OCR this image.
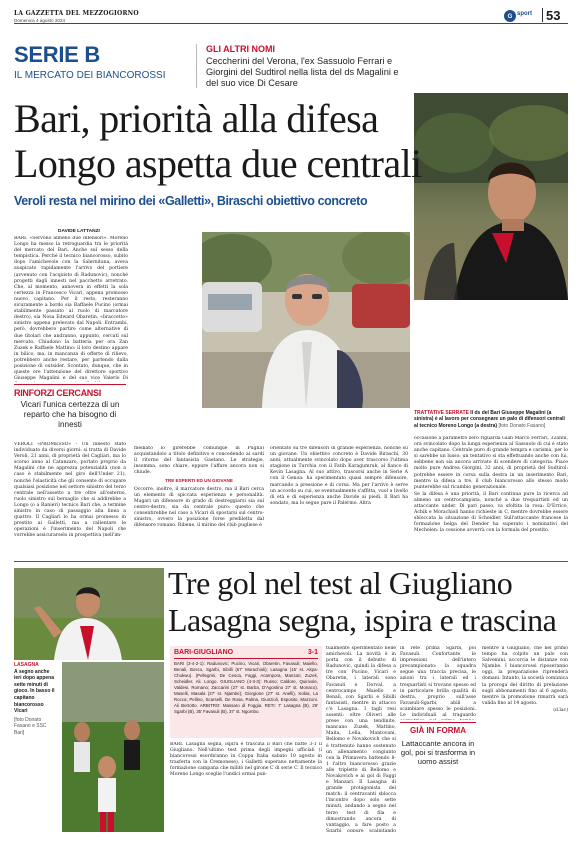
LA GAZZETTA DEL MEZZOGIORNO
Domenica 4 agosto 2024
G sport 53
SERIE B
IL MERCATO DEI BIANCOROSSI
GLI ALTRI NOMI
Ceccherini del Verona, l'ex Sassuolo Ferrari e Giorgini del Sudtirol nella lista del ds Magalini e del suo vice Di Cesare
Bari, priorità alla difesa
Longo aspetta due centrali
Veroli resta nel mirino dei «Galletti», Biraschi obiettivo concreto
DAVIDE LATTANZI

BARI. «Servono almeno due difensori». Moreno Longo ha messo la retroguardia tra le priorità del mercato del Bari. Anche sul sesso della tempistica. Perché il tecnico biancorosso, subito dopo l'amichevole con la Salernitana, aveva auspicato rapidamente l'arrivo del portiere (avvenuto con l'acquisto di Radunovic), nonché progetti dagli innesti nel pacchetto arretrato. Che, al momento, annovera in effetti la sola certezza in Francesco Vicari, appena promosso nuovo capitano. Per il resto, resteranno sicuramente a bordo sia Raffaele Pucino (ormai stabilmente passato al ruolo di marcatore destro), sia Nosa Edward Obaretin, «braccetto» sinistro appena prelevato dal Napoli. Entrambi, però, dovrebbero partire come alternative di due titolari che andranno, appunto, cercati sul mercato. Chiudono la batteria per ora Zan Zuzek e Raffaele Mattino: il loro destino appare in bilico, ma, in mancanza di offerte di rilievo, potrebbero anche restare, per partendo dalla posizione di outsider. Scontato, dunque, che in queste ore l'attenzione del direttore sportivo Giuseppe Magalini e del suo vice Valerio Di

RINFORZI CERCANSI
Vicari l'unica certezza di un reparto che ha bisogno di innesti

VEROLI «PROMESSO» - Un innesto stato individuato da diversi giorni: si tratta di Davide Veroli, 21 anni, di proprietà del Cagliari, ma lo scorso anno al Catanzaro, portato proprio da Magalini che ne apprezza potenzialità (non a caso è stabilmente nel giro dell'Under 21), nonché l'elasticità che gli consente di occupare qualsiasi posizione nel settore sinistro del terzo centrale nell'assetto a tre oltre all'esterno, ruolo sinistro sul bersaglio che si addirebbe a Longo (o a Ranieri) tecnico Bari che, a termine sinistro in caso di passaggio alla linea a quattro. Il Cagliari lo ha ormai promesso in prestito ai Galletti, ma a rallentare le operazioni è l'inserimento del Napoli che vorrebbe assicurarselo in prospettiva (nell'im-

mediato lo girerebbe comunque in Puglia) acquistandolo a titolo definitivo e concedendo ai sardi il ritorno del fantasista Gaetano. Le strategie, insomma, sono chiare, eppure l'affare ancora non si chiude.

TRE ESPERTI ED UN GIOVANE

Occorre, inoltre, il marcatore destro, ma il Bari cerca un elemento di spiccata esperienza e personalità. Magari un difensore in grado di destreggiarsi sia sul centro-destro, sia da centrale puro: questo che consentirebbe nel caso a Vicari di spostarsi sul centro-sinistro, ovvero la posizione forse prediletta dal difensore romano. Ribene, il mirino del club pugliese è

orientato su tre difensori di grande esperienza, nonché su un giovane. Un obiettivo concreto è Davide Biraschi, 30 anni, attualmente svincolato dopo aver trascorso l'ultima stagione in Turchia con il Fatih Karagumruk, al fianco di Kevin Lasagna. Al suo attivo, trascorsi anche in Serie A con il Genoa: ha sperimentato quasi sempre difensore, marcando a pressione e di corsa. Ma per l'arrivo è serve un accordo su cui, se eventualmente s'affitta, vuol a livello di età e di esperienza anche Davide ai piedi. Il Bari ha sondato, ma lo segue pure il Palermo. Altra

TRATTATIVE SERRATE Il ds del Bari Giuseppe Magalini (a sinistra) è al lavoro per consegnare un palo di difensori centrali al tecnico Moreno Longo (a destra) [foto Donato Fasano]

occasione a parametro zero riguarda Gian Marco Ferrari, 32anni, ora svincolato dopo la lunga esperienza al Sassuolo di cui è stato anche capitano. Centrale puro di grande tempra e carisma, per lo sì sarebbe un lusso: un tentativo si sta effettuando anche con lui, sebbene non sia ancora arrivato di scendere di categoria. Piace molto pure Andrea Giorgini, 32 anni, di proprietà del Sudtirol: potrebbe essere in corsa sulla destra in un inserimento Bari, mentre la difesa a tre, il club biancorosso allo stesso modo punterebbe sul ricambio generazionale.

Se la difesa è una priorità, il Bari continua pure la ricerca ad almeno un centrocampista, nonché a due trequartisti ed un attaccante under. Di pari passo, va sfoltita la rosa: D'Errico, Achik e Morachioli hanno richieste in C, mentre dovrebbe essere sbloccata la situazione di Scheidler. Sull'attaccante francese la formazione belga del Dender ha superato i nominativi del Mechelen: la cessione avverrà con la formula del prestito.

Tre gol nel test al Giugliano
Lasagna segna, ispira e trascina
LASAGNA
A segno anche ieri dopo appena sette minuti di gioco. In basso il capitano biancorosso Vicari
[foto Donato Fasano e SSC Bari]
BARI-GIUGLIANO	3-1

BARI (3-4-2-1): Radunovic; Pucino, Vicari, Obaretin, Favasuli; Maiello, Benali, Bosco, Sgarbi, Sibilli (67' Morachioli); Lasagna (15' st. Akpa-Chukwu). (Pellegrini, De Cesca, Faggi, Acampora, Manzari, Zuzek, Scheidler, Ali. Longo. GIUGLIANO (4-3-3): Russo; Caldore, Quirivole, Valdesi, Romano; Zaccarini (27' st. Barba, D'Agostino 27' st. Monaco), Maselli, Masala (27' st. Njambe); Giorgione (27' st. Anelli), Sobia, La Rocca; Pellino, Scarselli, De Rosa, Palma, Giunzioli, Esposito, Mazzoni. Ali Bertotto. ARBITRO: Massaro di Foggia. RETI: 7' Lasagna (B), 29' Sgarbi (B), 35' Favasuli (B), 37' st. Ngombo.

BARI. Lasagna segna, ispira e trascina il Bari che batte 3-1 il Giugliano. Nell'ultimo test prima degli impegni ufficiali (i biancorossi esordiranno in Coppa Italia sabato 10 agosto in trasferta con la Cremonese), i Galletti superano nettamente la formazione campana che militò nel girone C di serie C. Il tecnico Moreno Longo sceglie l'undici ormai pun-

tualmente sperimentato nelle amichevoli. La novità è in porta con il debutto di Radunovic, quindi la difesa a tre con Pucino, Vicari e Obaretin, i laterali sono Favasuli e Dorval, a centrocampo Maiello e Benali, con Sgarbi e Sibilli fantasisti, mentre in attacco c'è Lasagna. I tagli resi assenti: oltre Oliveri alle prese con una tendinite, mancano Zuzek, Mattino, Maita, Lella, Mantovani, Bellomo e Novakovich che si è trattenuto hanno sostenuto un allenamento congiunto con la Primavera battendo 8-1 l'altro biancorosso grazie alle triplette di Bellomo e Novakovich e ai gol di Faggi e Manzari. Il Lasagna di grande protagonista del match: il centravanti sblocca l'incontro dopo solo sette minuti, andando a segno nel terzo test di fila e dimostrando ancora di vantaggio, a fare posto a Sgarbi oppure scalpitando

GIÀ IN FORMA
Lattaccante ancora in gol, poi si trasforma in uomo assist

in rete prima Sgarbi, poi Favasuli. Confortante le impressioni dell'intero precampionato: la squadra segue una traccia precisa, le azioni tra i laterali ed i trequartisti si trovano spesso ed in particolare brilla qualità di destra, proprio sull'asse Favasuli-Sgarbi, abili a scambiare spesso le posizioni. Le individuali al traguardo

mentre il Giugliano, che nel primo tempo ha colpito un palo con Salvemini, accorcia le distanze con Njambe. I biancorossi riposeranno oggi, la preparazione riprenderà domani. Intanto, la società comunica la proroga del diritto di prelazione sugli abbonamenti fino al 6 agosto, mentre la promozione rimarrà sarà valida fino al 14 agosto.

(d.lac)
